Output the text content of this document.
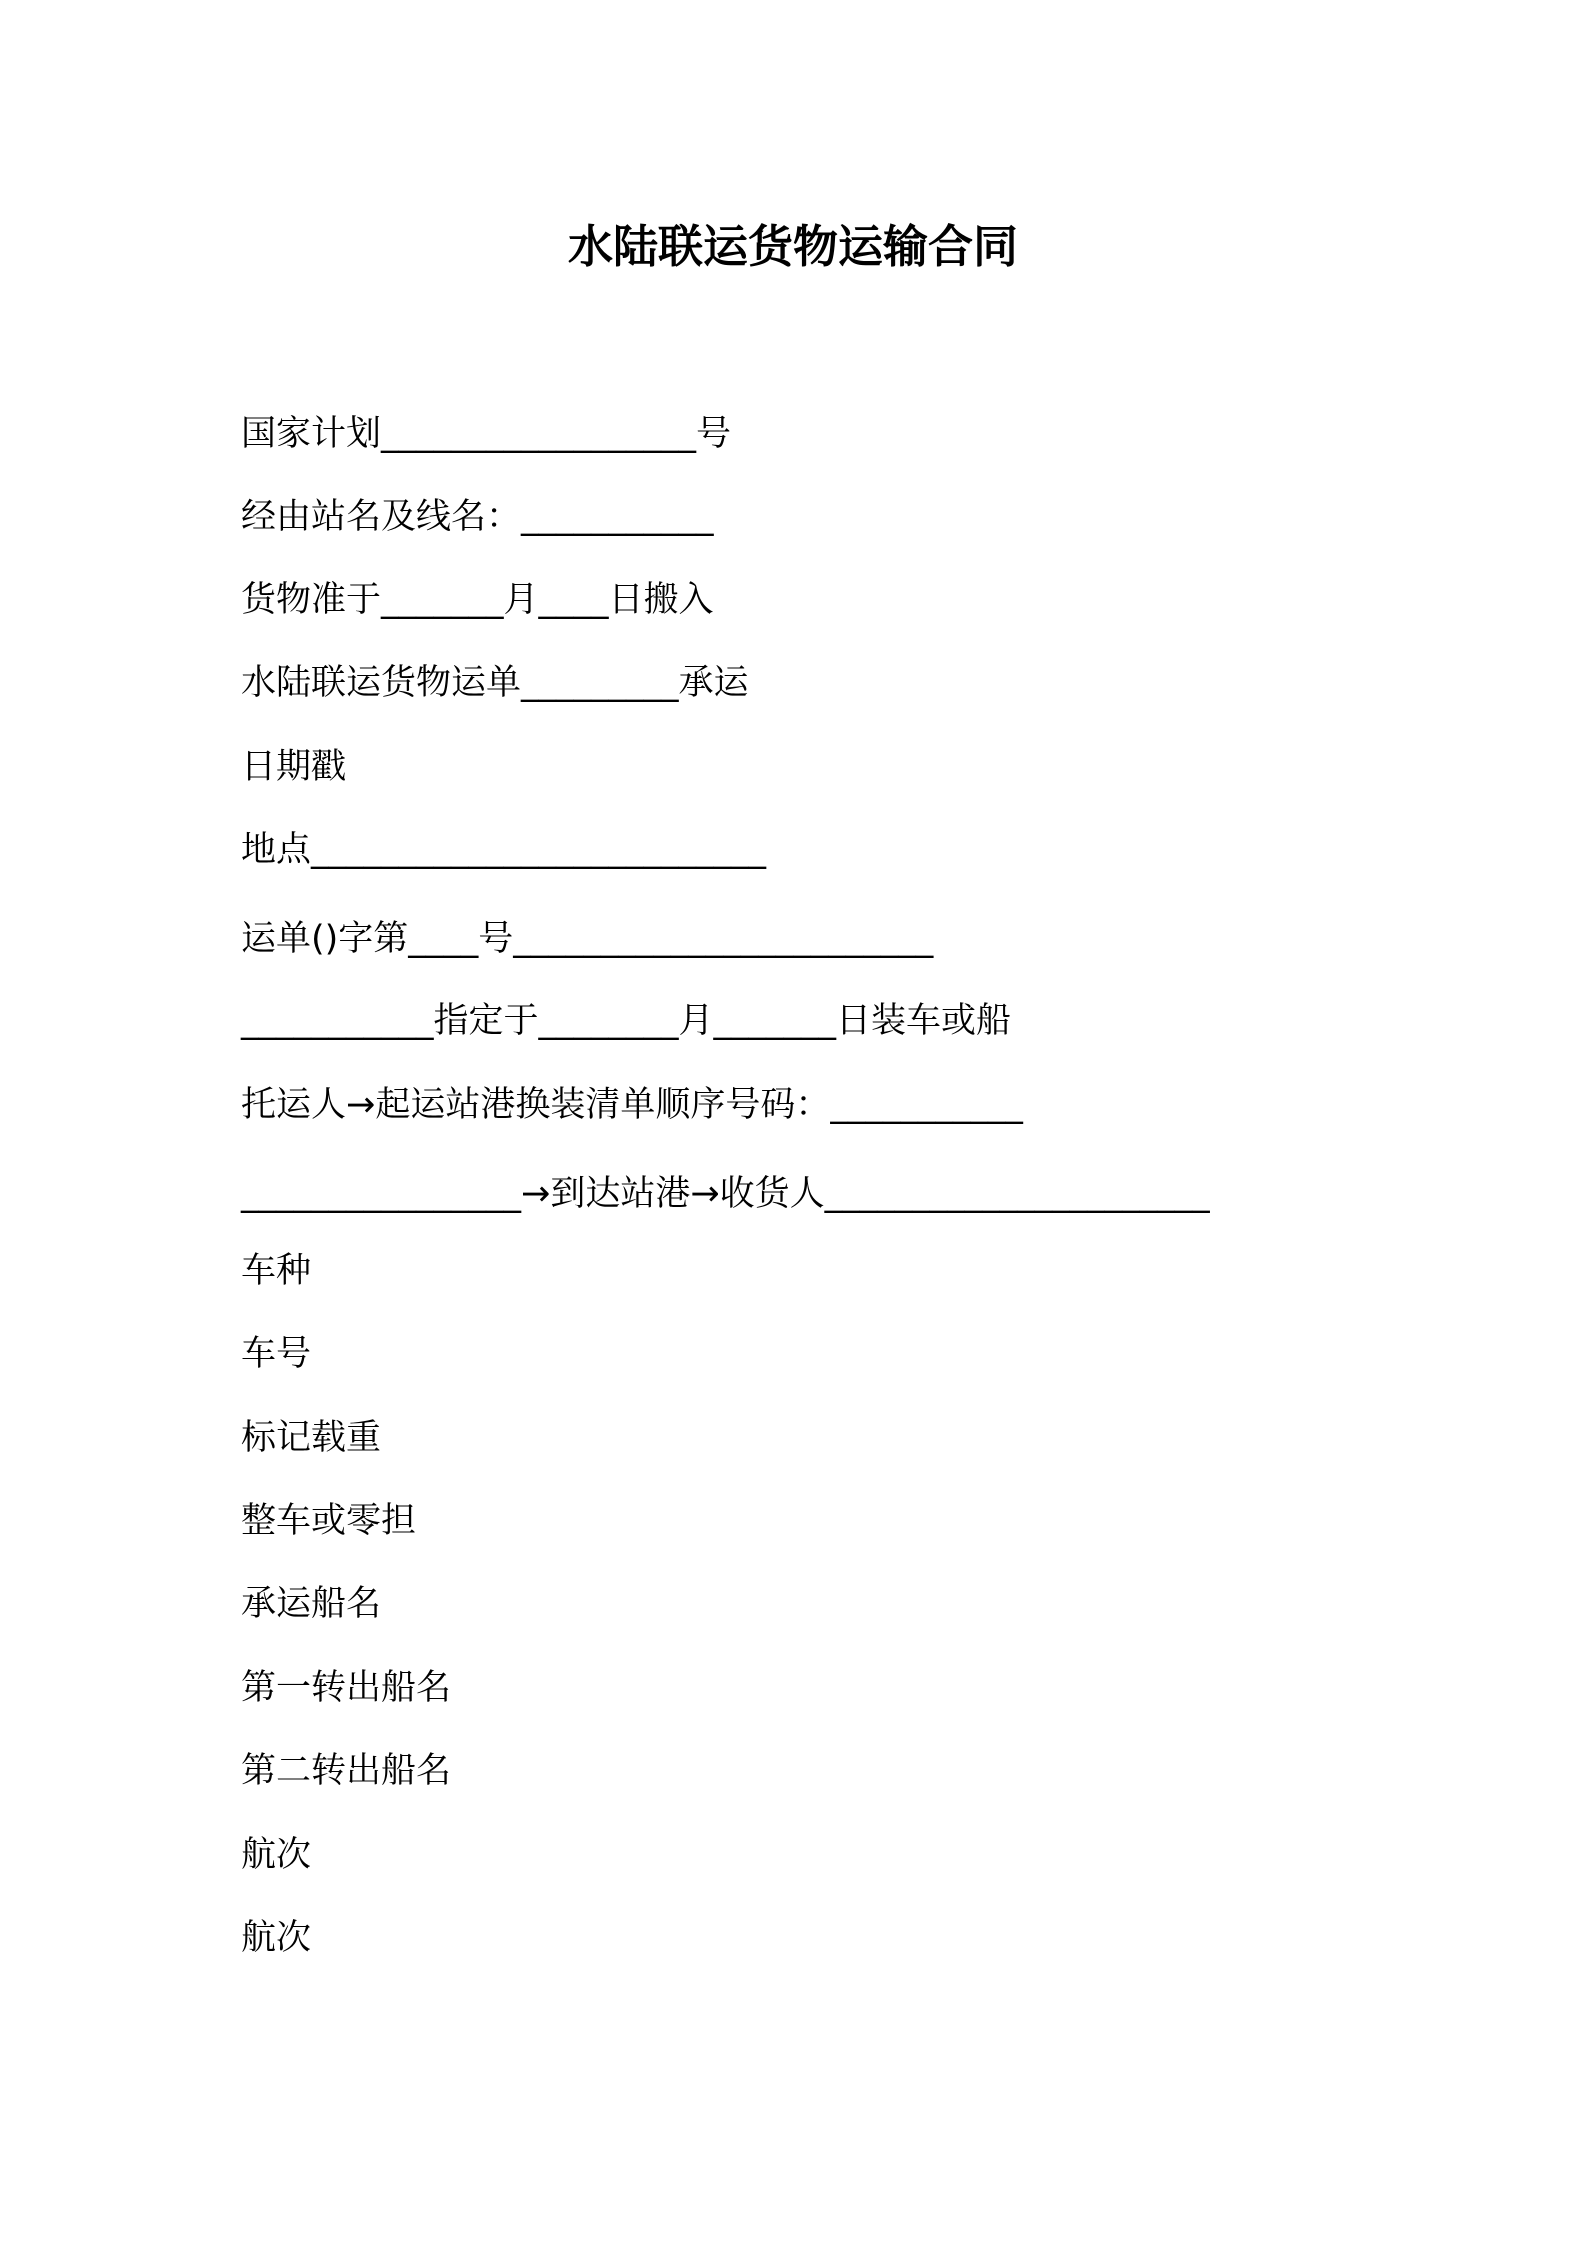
水陆联运货物运输合同
国家计划__________________号
经由站名及线名：___________
货物准于_______月____日搬入
水陆联运货物运单_________承运
日期戳
地点__________________________
运单()字第____号________________________
___________指定于________月_______日装车或船
托运人→起运站港换装清单顺序号码：___________
________________→到达站港→收货人______________________
车种
车号
标记载重
整车或零担
承运船名
第一转出船名
第二转出船名
航次
航次
